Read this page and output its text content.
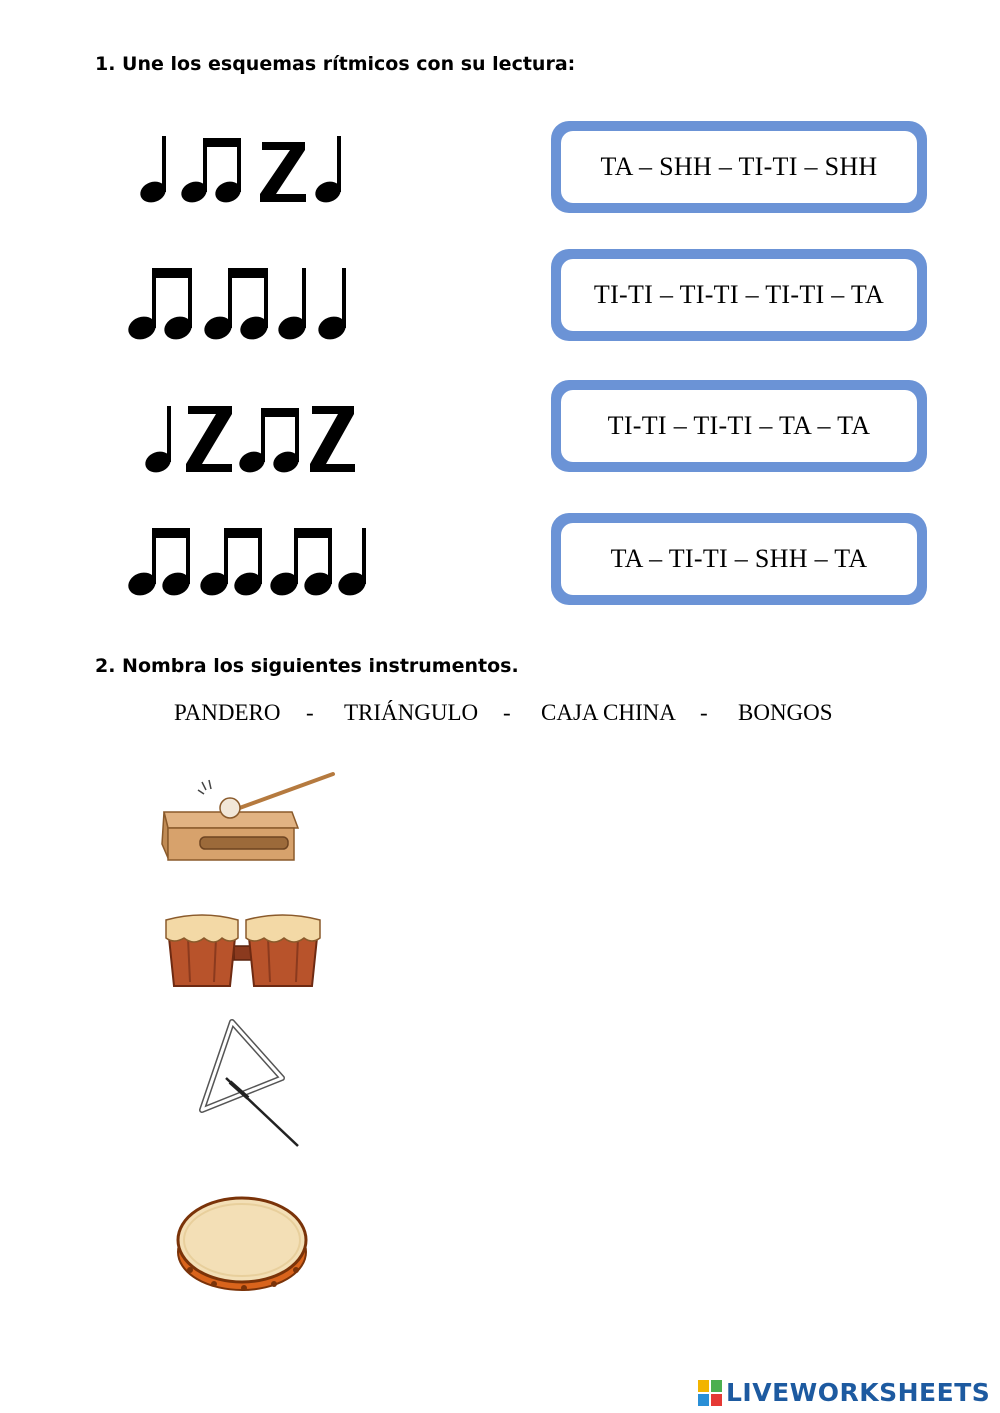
1. Une los esquemas rítmicos con su lectura:
TA – SHH – TI-TI – SHH
TI-TI – TI-TI – TI-TI – TA
TI-TI – TI-TI – TA – TA
TA – TI-TI – SHH – TA
2. Nombra los siguientes instrumentos.
PANDERO - TRIÁNGULO - CAJA CHINA - BONGOS
LIVEWORKSHEETS
